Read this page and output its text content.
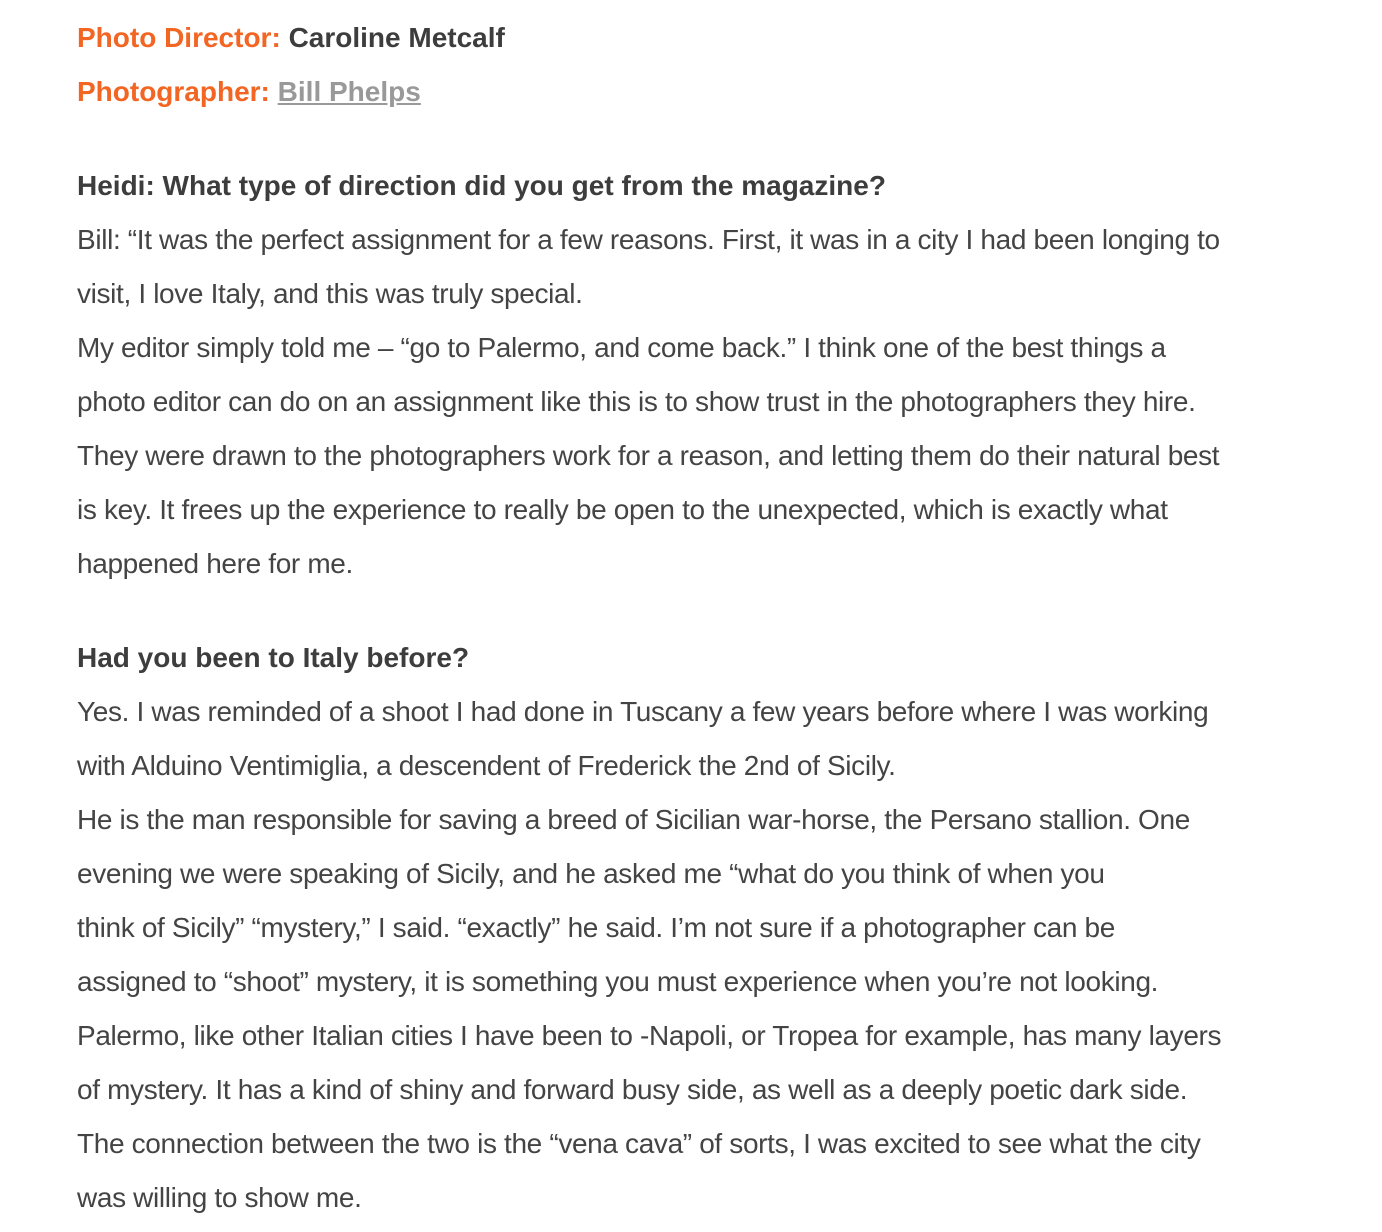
Photo Director: Caroline Metcalf

Photographer: Bill Phelps

Heidi: What type of direction did you get from the magazine?

Bill: “It was the perfect assignment for a few reasons. First, it was in a city I had been longing to

visit, I love Italy, and this was truly special.

My editor simply told me – “go to Palermo, and come back.” I think one of the best things a

photo editor can do on an assignment like this is to show trust in the photographers they hire.

They were drawn to the photographers work for a reason, and letting them do their natural best

is key. It frees up the experience to really be open to the unexpected, which is exactly what

happened here for me.

Had you been to Italy before?

Yes. I was reminded of a shoot I had done in Tuscany a few years before where I was working

with Alduino Ventimiglia, a descendent of Frederick the 2nd of Sicily.

He is the man responsible for saving a breed of Sicilian war-horse, the Persano stallion. One

evening we were speaking of Sicily, and he asked me “what do you think of when you

think of Sicily” “mystery,” I said. “exactly” he said. I’m not sure if a photographer can be

assigned to “shoot” mystery, it is something you must experience when you’re not looking.

Palermo, like other Italian cities I have been to -Napoli, or Tropea for example, has many layers

of mystery. It has a kind of shiny and forward busy side, as well as a deeply poetic dark side.

The connection between the two is the “vena cava” of sorts, I was excited to see what the city

was willing to show me.
